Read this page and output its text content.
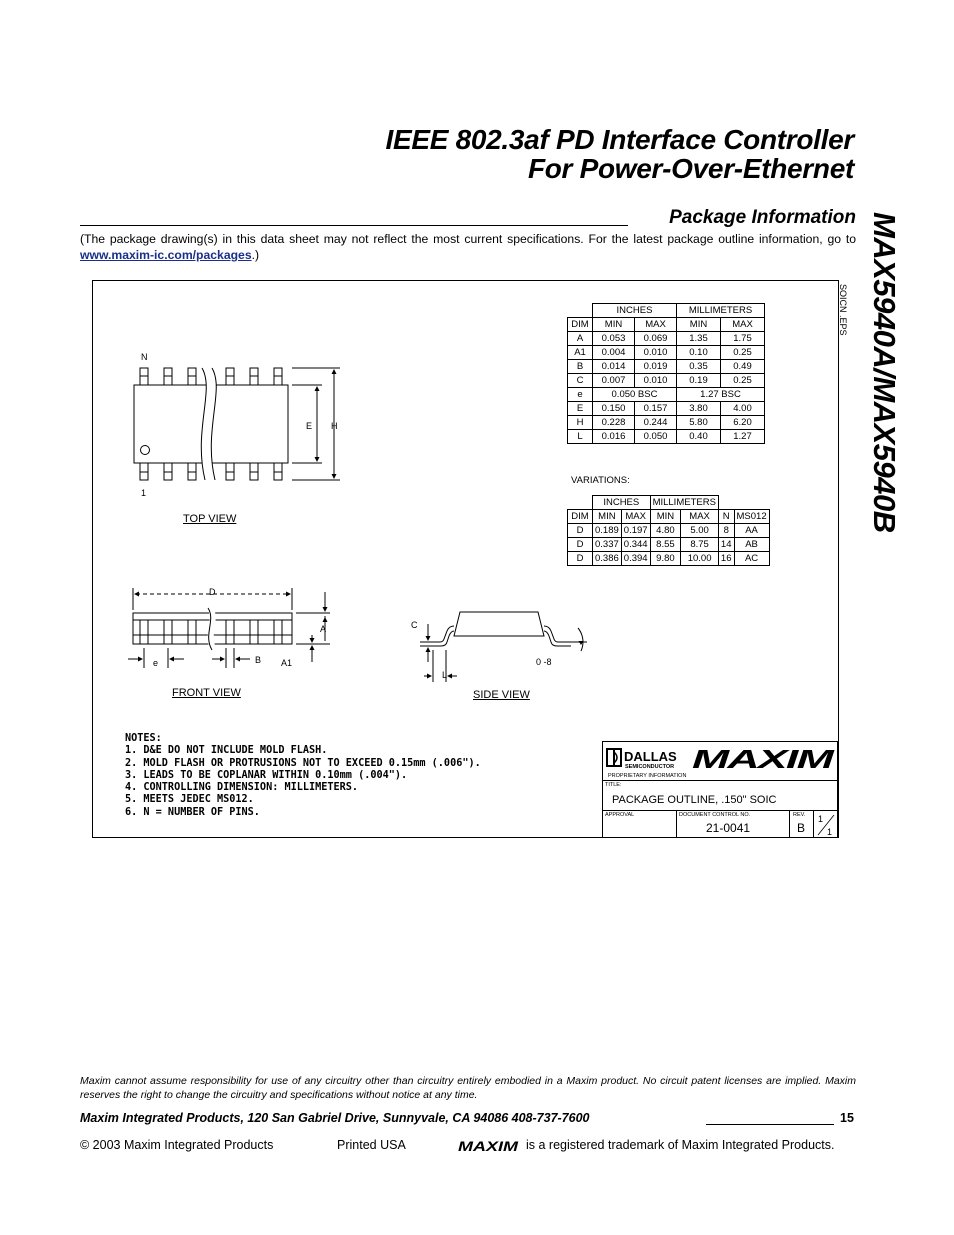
IEEE 802.3af PD Interface Controller
For Power-Over-Ethernet
MAX5940A/MAX5940B
Package Information
(The package drawing(s) in this data sheet may not reflect the most current specifications. For the latest package outline information, go to www.maxim-ic.com/packages.)
SOICN .EPS
	INCHES		MILLIMETERS	
DIM	MIN	MAX	MIN	MAX
A	0.053	0.069	1.35	1.75
A1	0.004	0.010	0.10	0.25
B	0.014	0.019	0.35	0.49
C	0.007	0.010	0.19	0.25
e	0.050 BSC		1.27 BSC	
E	0.150	0.157	3.80	4.00
H	0.228	0.244	5.80	6.20
L	0.016	0.050	0.40	1.27
VARIATIONS:
	INCHES		MILLIMETERS			
DIM	MIN	MAX	MIN	MAX	N	MS012
D	0.189	0.197	4.80	5.00	8	AA
D	0.337	0.344	8.55	8.75	14	AB
D	0.386	0.394	9.80	10.00	16	AC
N
1
E H
D
A
A1
e	B
C
L
0 -8
TOP VIEW
FRONT VIEW	SIDE VIEW
NOTES:
1. D&E DO NOT INCLUDE MOLD FLASH.
2. MOLD FLASH OR PROTRUSIONS NOT TO EXCEED 0.15mm (.006").
3. LEADS TO BE COPLANAR WITHIN 0.10mm (.004").
4. CONTROLLING DIMENSION: MILLIMETERS.
5. MEETS JEDEC MS012.
6. N = NUMBER OF PINS.
DALLAS
SEMICONDUCTOR MAXIM
PROPRIETARY INFORMATION
TITLE:
PACKAGE OUTLINE, .150" SOIC
APPROVAL	DOCUMENT CONTROL NO.
21-0041
REV.
B
1
1
Maxim cannot assume responsibility for use of any circuitry other than circuitry entirely embodied in a Maxim product. No circuit patent licenses are implied. Maxim reserves the right to change the circuitry and specifications without notice at any time.
Maxim Integrated Products, 120 San Gabriel Drive, Sunnyvale, CA 94086 408-737-7600	15
© 2003 Maxim Integrated Products	Printed USA	MAXIM is a registered trademark of Maxim Integrated Products.
